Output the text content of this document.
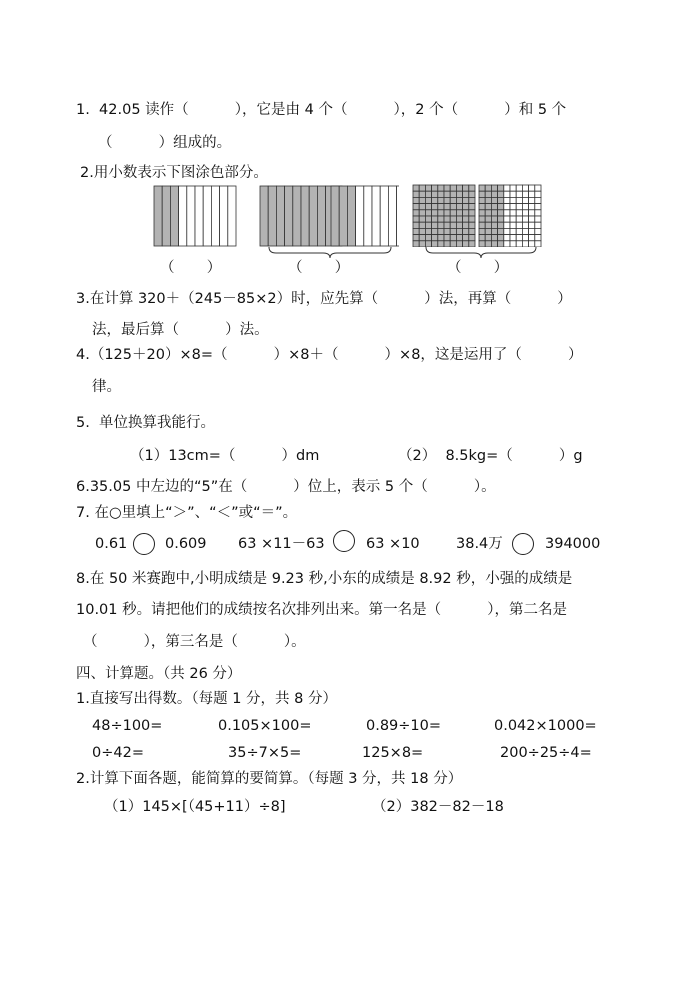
1.  42.05 读作（          ），它是由 4 个（          ），2 个（          ）和 5 个
（          ）组成的。
2.用小数表示下图涂色部分。
（       ）	（       ）	（       ）
3.在计算 320＋（245－85×2）时，应先算（          ）法，再算（          ）
法，最后算（          ）法。
4.（125＋20）×8=（          ）×8＋（          ）×8，这是运用了（          ）
律。
5.  单位换算我能行。
（1）13cm=（          ）dm	（2）  8.5kg=（          ）g
6.35.05 中左边的“5”在（          ）位上，表示 5 个（          ）。
7. 在○里填上“＞”、“＜”或“＝”。
0.61	0.609 63 ×11－63	63 ×10	38.4万	394000
8.在 50 米赛跑中,小明成绩是 9.23 秒,小东的成绩是 8.92 秒，小强的成绩是
10.01 秒。请把他们的成绩按名次排列出来。第一名是（          ），第二名是
（          ），第三名是（          ）。
四、计算题。（共 26 分）
1.直接写出得数。（每题 1 分，共 8 分）
48÷100=	0.105×100=	0.89÷10=	0.042×1000=
0÷42=	35÷7×5=	125×8=	200÷25÷4=
2.计算下面各题，能简算的要简算。（每题 3 分，共 18 分）
（1）145×[（45+11）÷8]	（2）382－82－18
